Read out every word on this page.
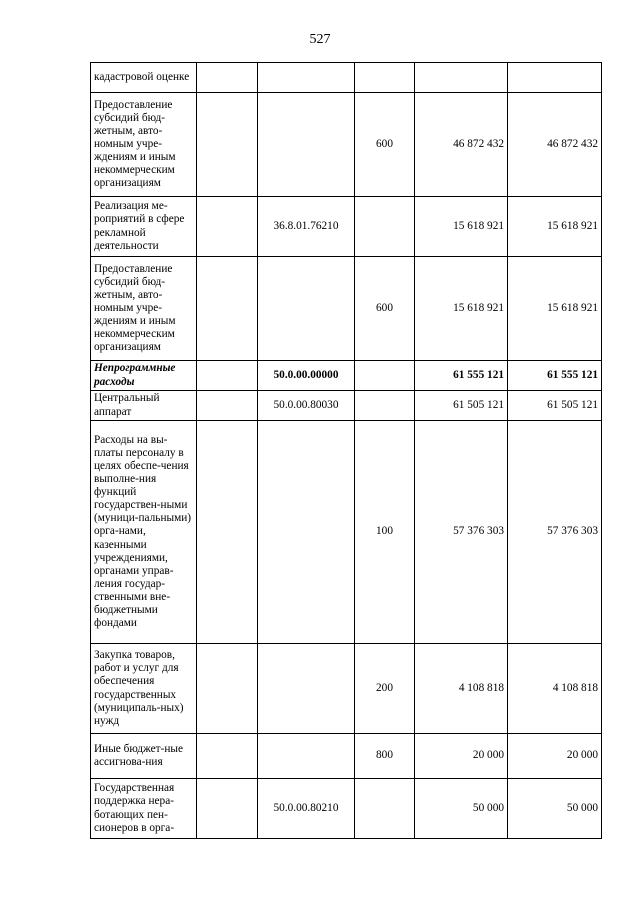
527
кадастровой оценке					
Предоставление субсидий бюд-жетным, авто-номным учре-ждениям и иным некоммерческим организациям			600	46 872 432	46 872 432
Реализация ме-роприятий в сфере рекламной деятельности		36.8.01.76210		15 618 921	15 618 921
Предоставление субсидий бюд-жетным, авто-номным учре-ждениям и иным некоммерческим организациям			600	15 618 921	15 618 921
Непрограммные расходы		50.0.00.00000		61 555 121	61 555 121
Центральный аппарат		50.0.00.80030		61 505 121	61 505 121
Расходы на вы-платы персоналу в целях обеспе-чения выполне-ния функций государствен-ными (муници-пальными) орга-нами, казенными учреждениями, органами управ-ления государ-ственными вне-бюджетными фондами			100	57 376 303	57 376 303
Закупка товаров, работ и услуг для обеспечения государственных (муниципаль-ных) нужд			200	4 108 818	4 108 818
Иные бюджет-ные ассигнова-ния			800	20 000	20 000
Государственная поддержка нера-ботающих пен-сионеров в орга-		50.0.00.80210		50 000	50 000
